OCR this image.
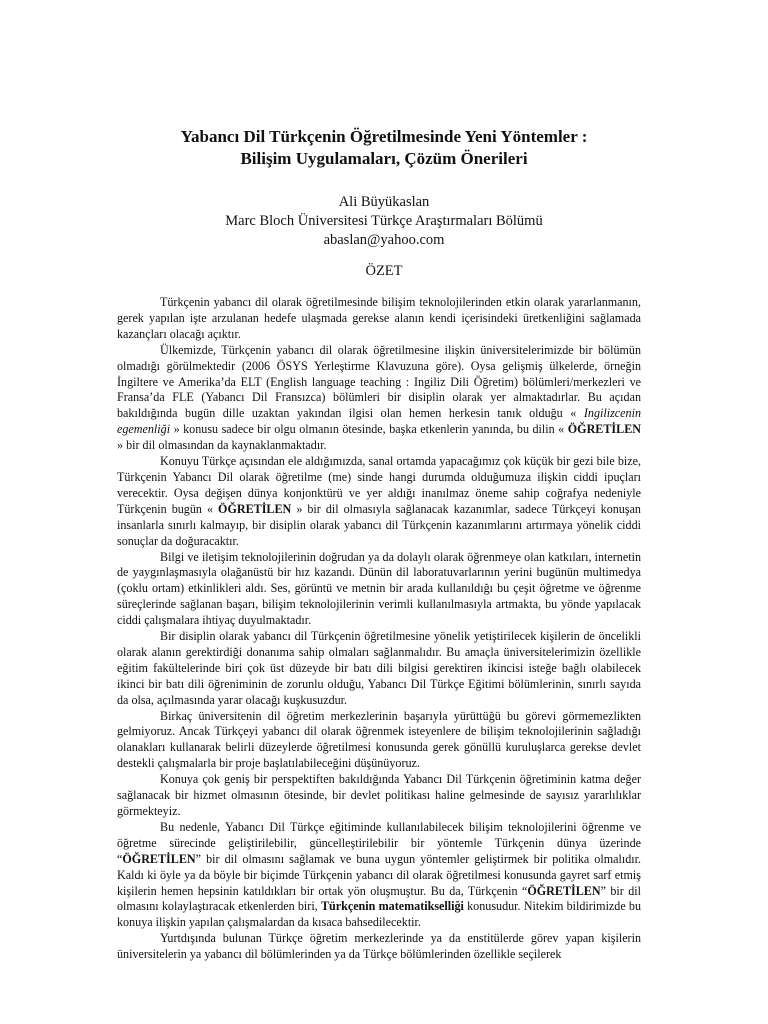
Yabancı Dil Türkçenin Öğretilmesinde Yeni Yöntemler :
Bilişim Uygulamaları, Çözüm Önerileri
Ali Büyükaslan
Marc Bloch Üniversitesi Türkçe Araştırmaları Bölümü
abaslan@yahoo.com
ÖZET

Türkçenin yabancı dil olarak öğretilmesinde bilişim teknolojilerinden etkin olarak yararlanmanın, gerek yapılan işte arzulanan hedefe ulaşmada gerekse alanın kendi içerisindeki üretkenliğini sağlamada kazançları olacağı açıktır.

Ülkemizde, Türkçenin yabancı dil olarak öğretilmesine ilişkin üniversitelerimizde bir bölümün olmadığı görülmektedir (2006 ÖSYS Yerleştirme Klavuzuna göre). Oysa gelişmiş ülkelerde, örneğin İngiltere ve Amerika’da ELT (English language teaching : Ingiliz Dili Öğretim) bölümleri/merkezleri ve Fransa’da FLE (Yabancı Dil Fransızca) bölümleri bir disiplin olarak yer almaktadırlar. Bu açıdan bakıldığında bugün dille uzaktan yakından ilgisi olan hemen herkesin tanık olduğu « Ingilizcenin egemenliği » konusu sadece bir olgu olmanın ötesinde, başka etkenlerin yanında, bu dilin « ÖĞRETİLEN » bir dil olmasından da kaynaklanmaktadır.

Konuyu Türkçe açısından ele aldığımızda, sanal ortamda yapacağımız çok küçük bir gezi bile bize, Türkçenin Yabancı Dil olarak öğretilme (me) sinde hangi durumda olduğumuza ilişkin ciddi ipuçları verecektir. Oysa değişen dünya konjonktürü ve yer aldığı inanılmaz öneme sahip coğrafya nedeniyle Türkçenin bugün « ÖĞRETİLEN » bir dil olmasıyla sağlanacak kazanımlar, sadece Türkçeyi konuşan insanlarla sınırlı kalmayıp, bir disiplin olarak yabancı dil Türkçenin kazanımlarını artırmaya yönelik ciddi sonuçlar da doğuracaktır.

Bilgi ve iletişim teknolojilerinin doğrudan ya da dolaylı olarak öğrenmeye olan katkıları, internetin de yaygınlaşmasıyla olağanüstü bir hız kazandı. Dünün dil laboratuvarlarının yerini bugünün multimedya (çoklu ortam) etkinlikleri aldı. Ses, görüntü ve metnin bir arada kullanıldığı bu çeşit öğretme ve öğrenme süreçlerinde sağlanan başarı, bilişim teknolojilerinin verimli kullanılmasıyla artmakta, bu yönde yapılacak ciddi çalışmalara ihtiyaç duyulmaktadır.

Bir disiplin olarak yabancı dil Türkçenin öğretilmesine yönelik yetiştirilecek kişilerin de öncelikli olarak alanın gerektirdiği donanıma sahip olmaları sağlanmalıdır. Bu amaçla üniversitelerimizin özellikle eğitim fakültelerinde biri çok üst düzeyde bir batı dili bilgisi gerektiren ikincisi isteğe bağlı olabilecek ikinci bir batı dili öğreniminin de zorunlu olduğu, Yabancı Dil Türkçe Eğitimi bölümlerinin, sınırlı sayıda da olsa, açılmasında yarar olacağı kuşkusuzdur.

Birkaç üniversitenin dil öğretim merkezlerinin başarıyla yürüttüğü bu görevi görmemezlikten gelmiyoruz. Ancak Türkçeyi yabancı dil olarak öğrenmek isteyenlere de bilişim teknolojilerinin sağladığı olanakları kullanarak belirli düzeylerde öğretilmesi konusunda gerek gönüllü kuruluşlarca gerekse devlet destekli çalışmalarla bir proje başlatılabileceğini düşünüyoruz.

Konuya çok geniş bir perspektiften bakıldığında Yabancı Dil Türkçenin öğretiminin katma değer sağlanacak bir hizmet olmasının ötesinde, bir devlet politikası haline gelmesinde de sayısız yararlılıklar görmekteyiz.

Bu nedenle, Yabancı Dil Türkçe eğitiminde kullanılabilecek bilişim teknolojilerini öğrenme ve öğretme sürecinde geliştirilebilir, güncelleştirilebilir bir yöntemle Türkçenin dünya üzerinde “ÖĞRETİLEN” bir dil olmasını sağlamak ve buna uygun yöntemler geliştirmek bir politika olmalıdır. Kaldı ki öyle ya da böyle bir biçimde Türkçenin yabancı dil olarak öğretilmesi konusunda gayret sarf etmiş kişilerin hemen hepsinin katıldıkları bir ortak yön oluşmuştur. Bu da, Türkçenin “ÖĞRETİLEN” bir dil olmasını kolaylaştıracak etkenlerden biri, Türkçenin matematikselliği konusudur. Nitekim bildirimizde bu konuya ilişkin yapılan çalışmalardan da kısaca bahsedilecektir.

Yurtdışında bulunan Türkçe öğretim merkezlerinde ya da enstitülerde görev yapan kişilerin üniversitelerin ya yabancı dil bölümlerinden ya da Türkçe bölümlerinden özellikle seçilerek
